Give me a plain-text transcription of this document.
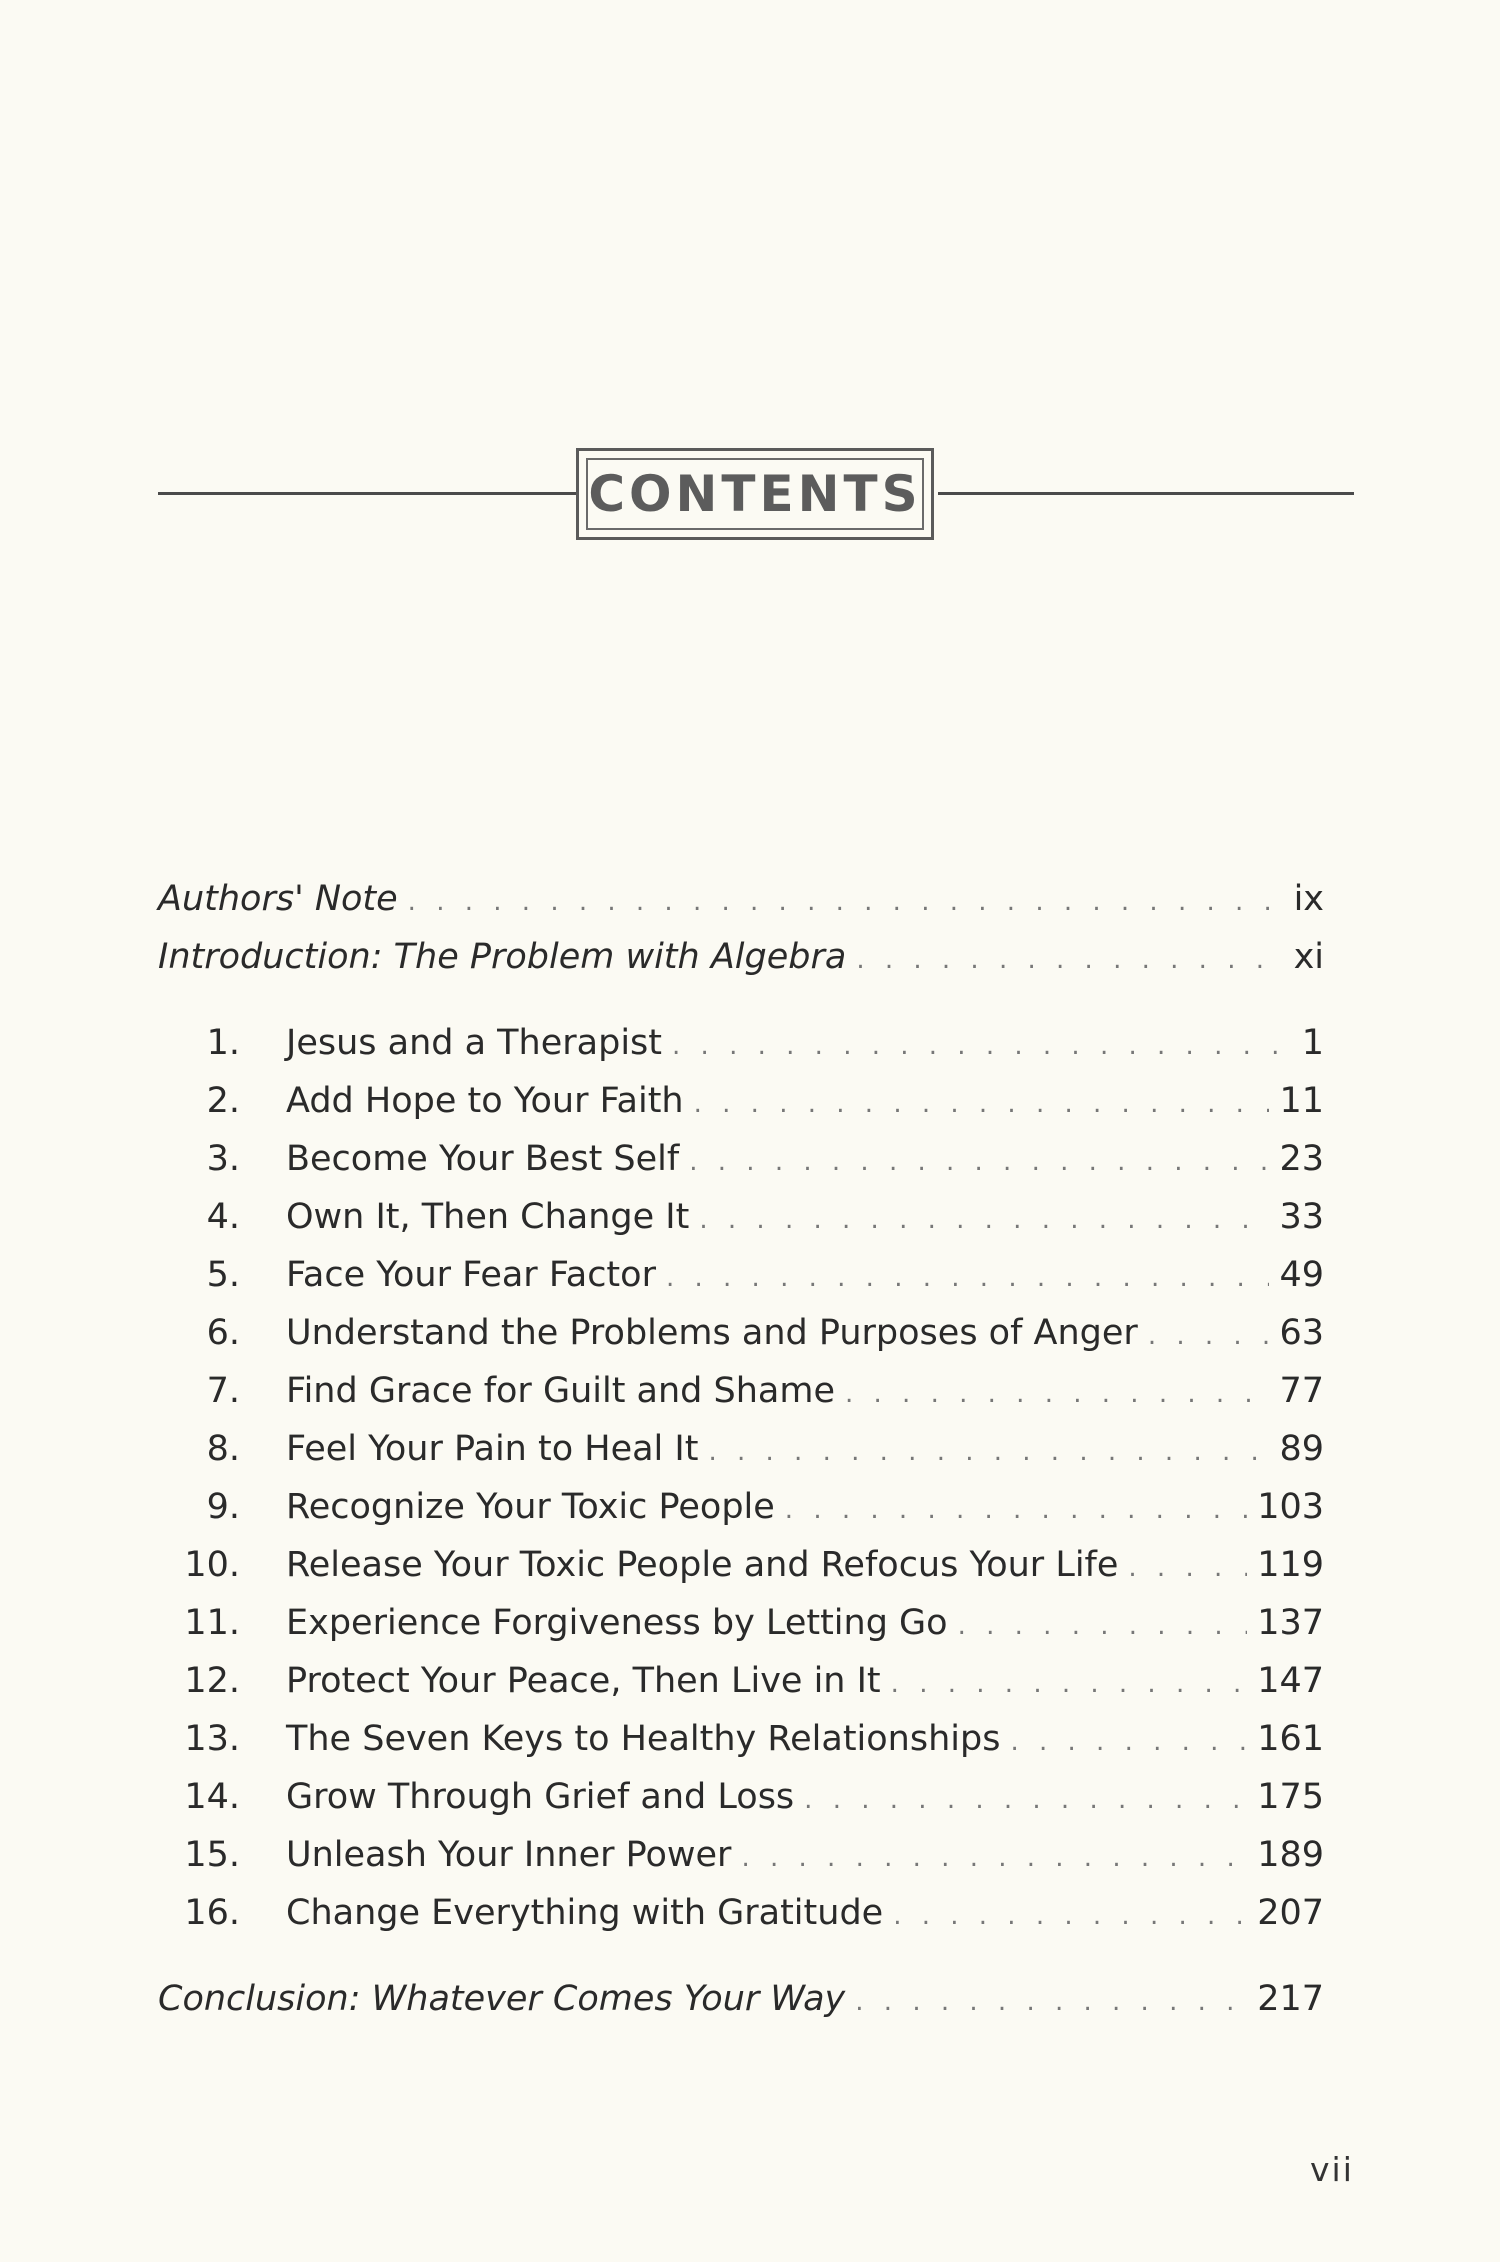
CONTENTS
Authors' Note . . .	ix
Introduction: The Problem with Algebra . . .	xi
1. Jesus and a Therapist . . .	1
2. Add Hope to Your Faith . . .	11
3. Become Your Best Self . . .	23
4. Own It, Then Change It . . .	33
5. Face Your Fear Factor . . .	49
6. Understand the Problems and Purposes of Anger . . .	63
7. Find Grace for Guilt and Shame . . .	77
8. Feel Your Pain to Heal It . . .	89
9. Recognize Your Toxic People . . .	103
10. Release Your Toxic People and Refocus Your Life . . .	119
11. Experience Forgiveness by Letting Go . . .	137
12. Protect Your Peace, Then Live in It . . .	147
13. The Seven Keys to Healthy Relationships . . .	161
14. Grow Through Grief and Loss . . .	175
15. Unleash Your Inner Power . . .	189
16. Change Everything with Gratitude . . .	207
Conclusion: Whatever Comes Your Way . . .	217
vii
